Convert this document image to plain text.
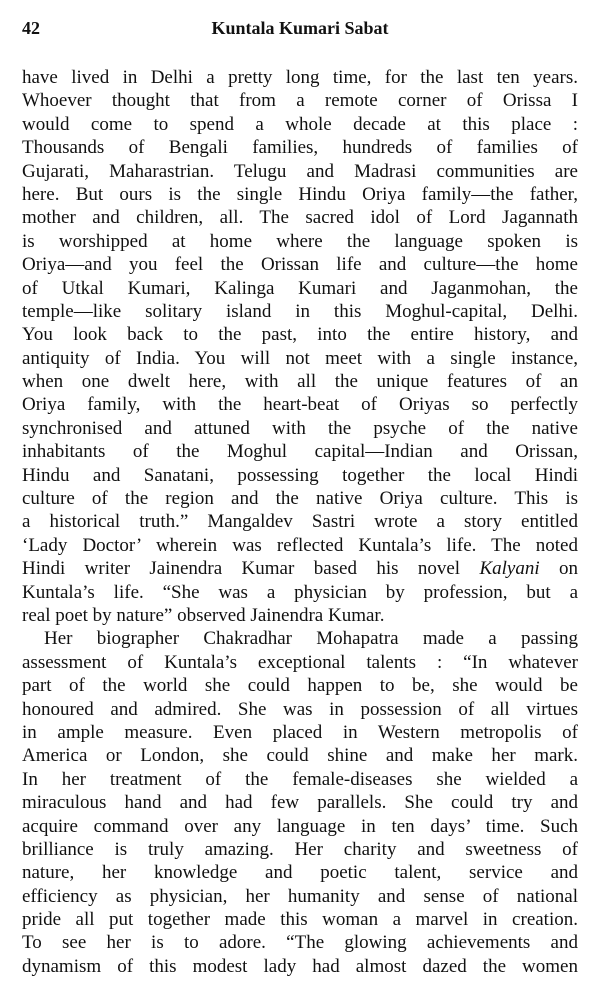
42	Kuntala Kumari Sabat
have lived in Delhi a pretty long time, for the last ten years.
Whoever thought that from a remote corner of Orissa I
would come to spend a whole decade at this place :
Thousands of Bengali families, hundreds of families of
Gujarati, Maharastrian. Telugu and Madrasi communities are
here. But ours is the single Hindu Oriya family—the father,
mother and children, all. The sacred idol of Lord Jagannath
is worshipped at home where the language spoken is
Oriya—and you feel the Orissan life and culture—the home
of Utkal Kumari, Kalinga Kumari and Jaganmohan, the
temple—like solitary island in this Moghul-capital, Delhi.
You look back to the past, into the entire history, and
antiquity of India. You will not meet with a single instance,
when one dwelt here, with all the unique features of an
Oriya family, with the heart-beat of Oriyas so perfectly
synchronised and attuned with the psyche of the native
inhabitants of the Moghul capital—Indian and Orissan,
Hindu and Sanatani, possessing together the local Hindi
culture of the region and the native Oriya culture. This is
a historical truth.” Mangaldev Sastri wrote a story entitled
‘Lady Doctor’ wherein was reflected Kuntala’s life. The noted
Hindi writer Jainendra Kumar based his novel Kalyani on
Kuntala’s life. “She was a physician by profession, but a
real poet by nature” observed Jainendra Kumar.
Her biographer Chakradhar Mohapatra made a passing
assessment of Kuntala’s exceptional talents : “In whatever
part of the world she could happen to be, she would be
honoured and admired. She was in possession of all virtues
in ample measure. Even placed in Western metropolis of
America or London, she could shine and make her mark.
In her treatment of the female-diseases she wielded a
miraculous hand and had few parallels. She could try and
acquire command over any language in ten days’ time. Such
brilliance is truly amazing. Her charity and sweetness of
nature, her knowledge and poetic talent, service and
efficiency as physician, her humanity and sense of national
pride all put together made this woman a marvel in creation.
To see her is to adore. “The glowing achievements and
dynamism of this modest lady had almost dazed the women
